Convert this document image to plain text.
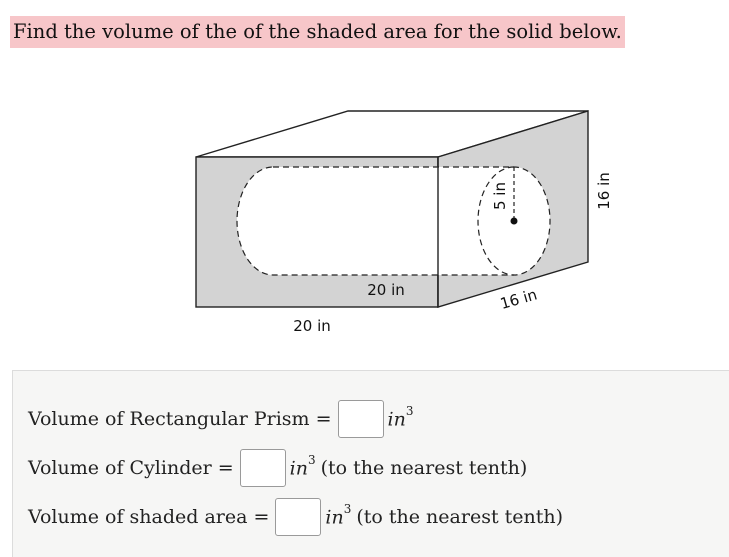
Find the volume of the of the shaded area for the solid below.
5 in	16 in
20 in	16 in
20 in
Volume of Rectangular Prism =	$in^3$
Volume of Cylinder =	$in^3$ (to the nearest tenth)
Volume of shaded area =	$in^3$ (to the nearest tenth)
